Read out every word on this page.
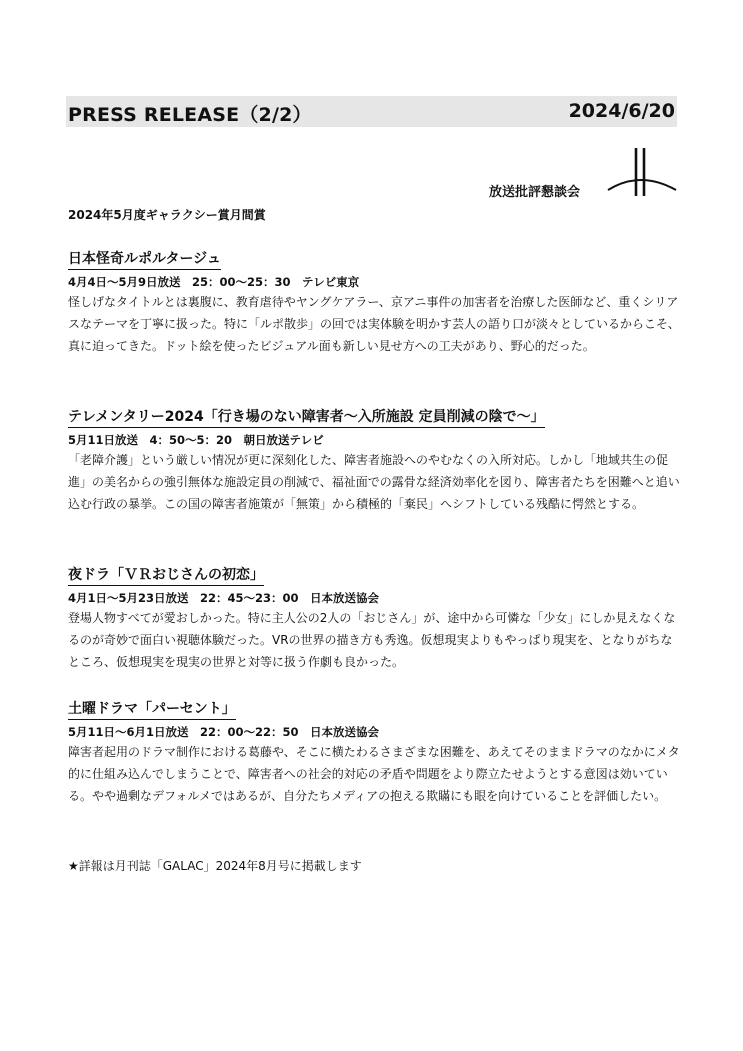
PRESS RELEASE（2/2）	2024/6/20
放送批評懇談会
2024年5月度ギャラクシー賞月間賞
日本怪奇ルポルタージュ
4月4日～5月9日放送　25：00～25：30　テレビ東京
怪しげなタイトルとは裏腹に、教育虐待やヤングケアラー、京アニ事件の加害者を治療した医師など、重くシリアスなテーマを丁寧に扱った。特に「ルポ散歩」の回では実体験を明かす芸人の語り口が淡々としているからこそ、真に迫ってきた。ドット絵を使ったビジュアル面も新しい見せ方への工夫があり、野心的だった。
テレメンタリー2024「行き場のない障害者～入所施設 定員削減の陰で～」
5月11日放送　4：50～5：20　朝日放送テレビ
「老障介護」という厳しい情况が更に深刻化した、障害者施設へのやむなくの入所対応。しかし「地域共生の促進」の美名からの強引無体な施設定員の削減で、福祉面での露骨な経済効率化を図り、障害者たちを困難へと追い込む行政の暴挙。この国の障害者施策が「無策」から積極的「棄民」へシフトしている残酷に愕然とする。
夜ドラ「ＶＲおじさんの初恋」
4月1日～5月23日放送　22：45～23：00　日本放送協会
登場人物すべてが愛おしかった。特に主人公の2人の「おじさん」が、途中から可憐な「少女」にしか見えなくなるのが奇妙で面白い視聴体験だった。VRの世界の描き方も秀逸。仮想現実よりもやっぱり現実を、となりがちなところ、仮想現実を現実の世界と対等に扱う作劇も良かった。
土曜ドラマ「パーセント」
5月11日～6月1日放送　22：00～22：50　日本放送協会
障害者起用のドラマ制作における葛藤や、そこに横たわるさまざまな困難を、あえてそのままドラマのなかにメタ的に仕組み込んでしまうことで、障害者への社会的対応の矛盾や問題をより際立たせようとする意図は効いている。やや過剰なデフォルメではあるが、自分たちメディアの抱える欺瞞にも眼を向けていることを評価したい。
★詳報は月刊誌「GALAC」2024年8月号に掲載します
